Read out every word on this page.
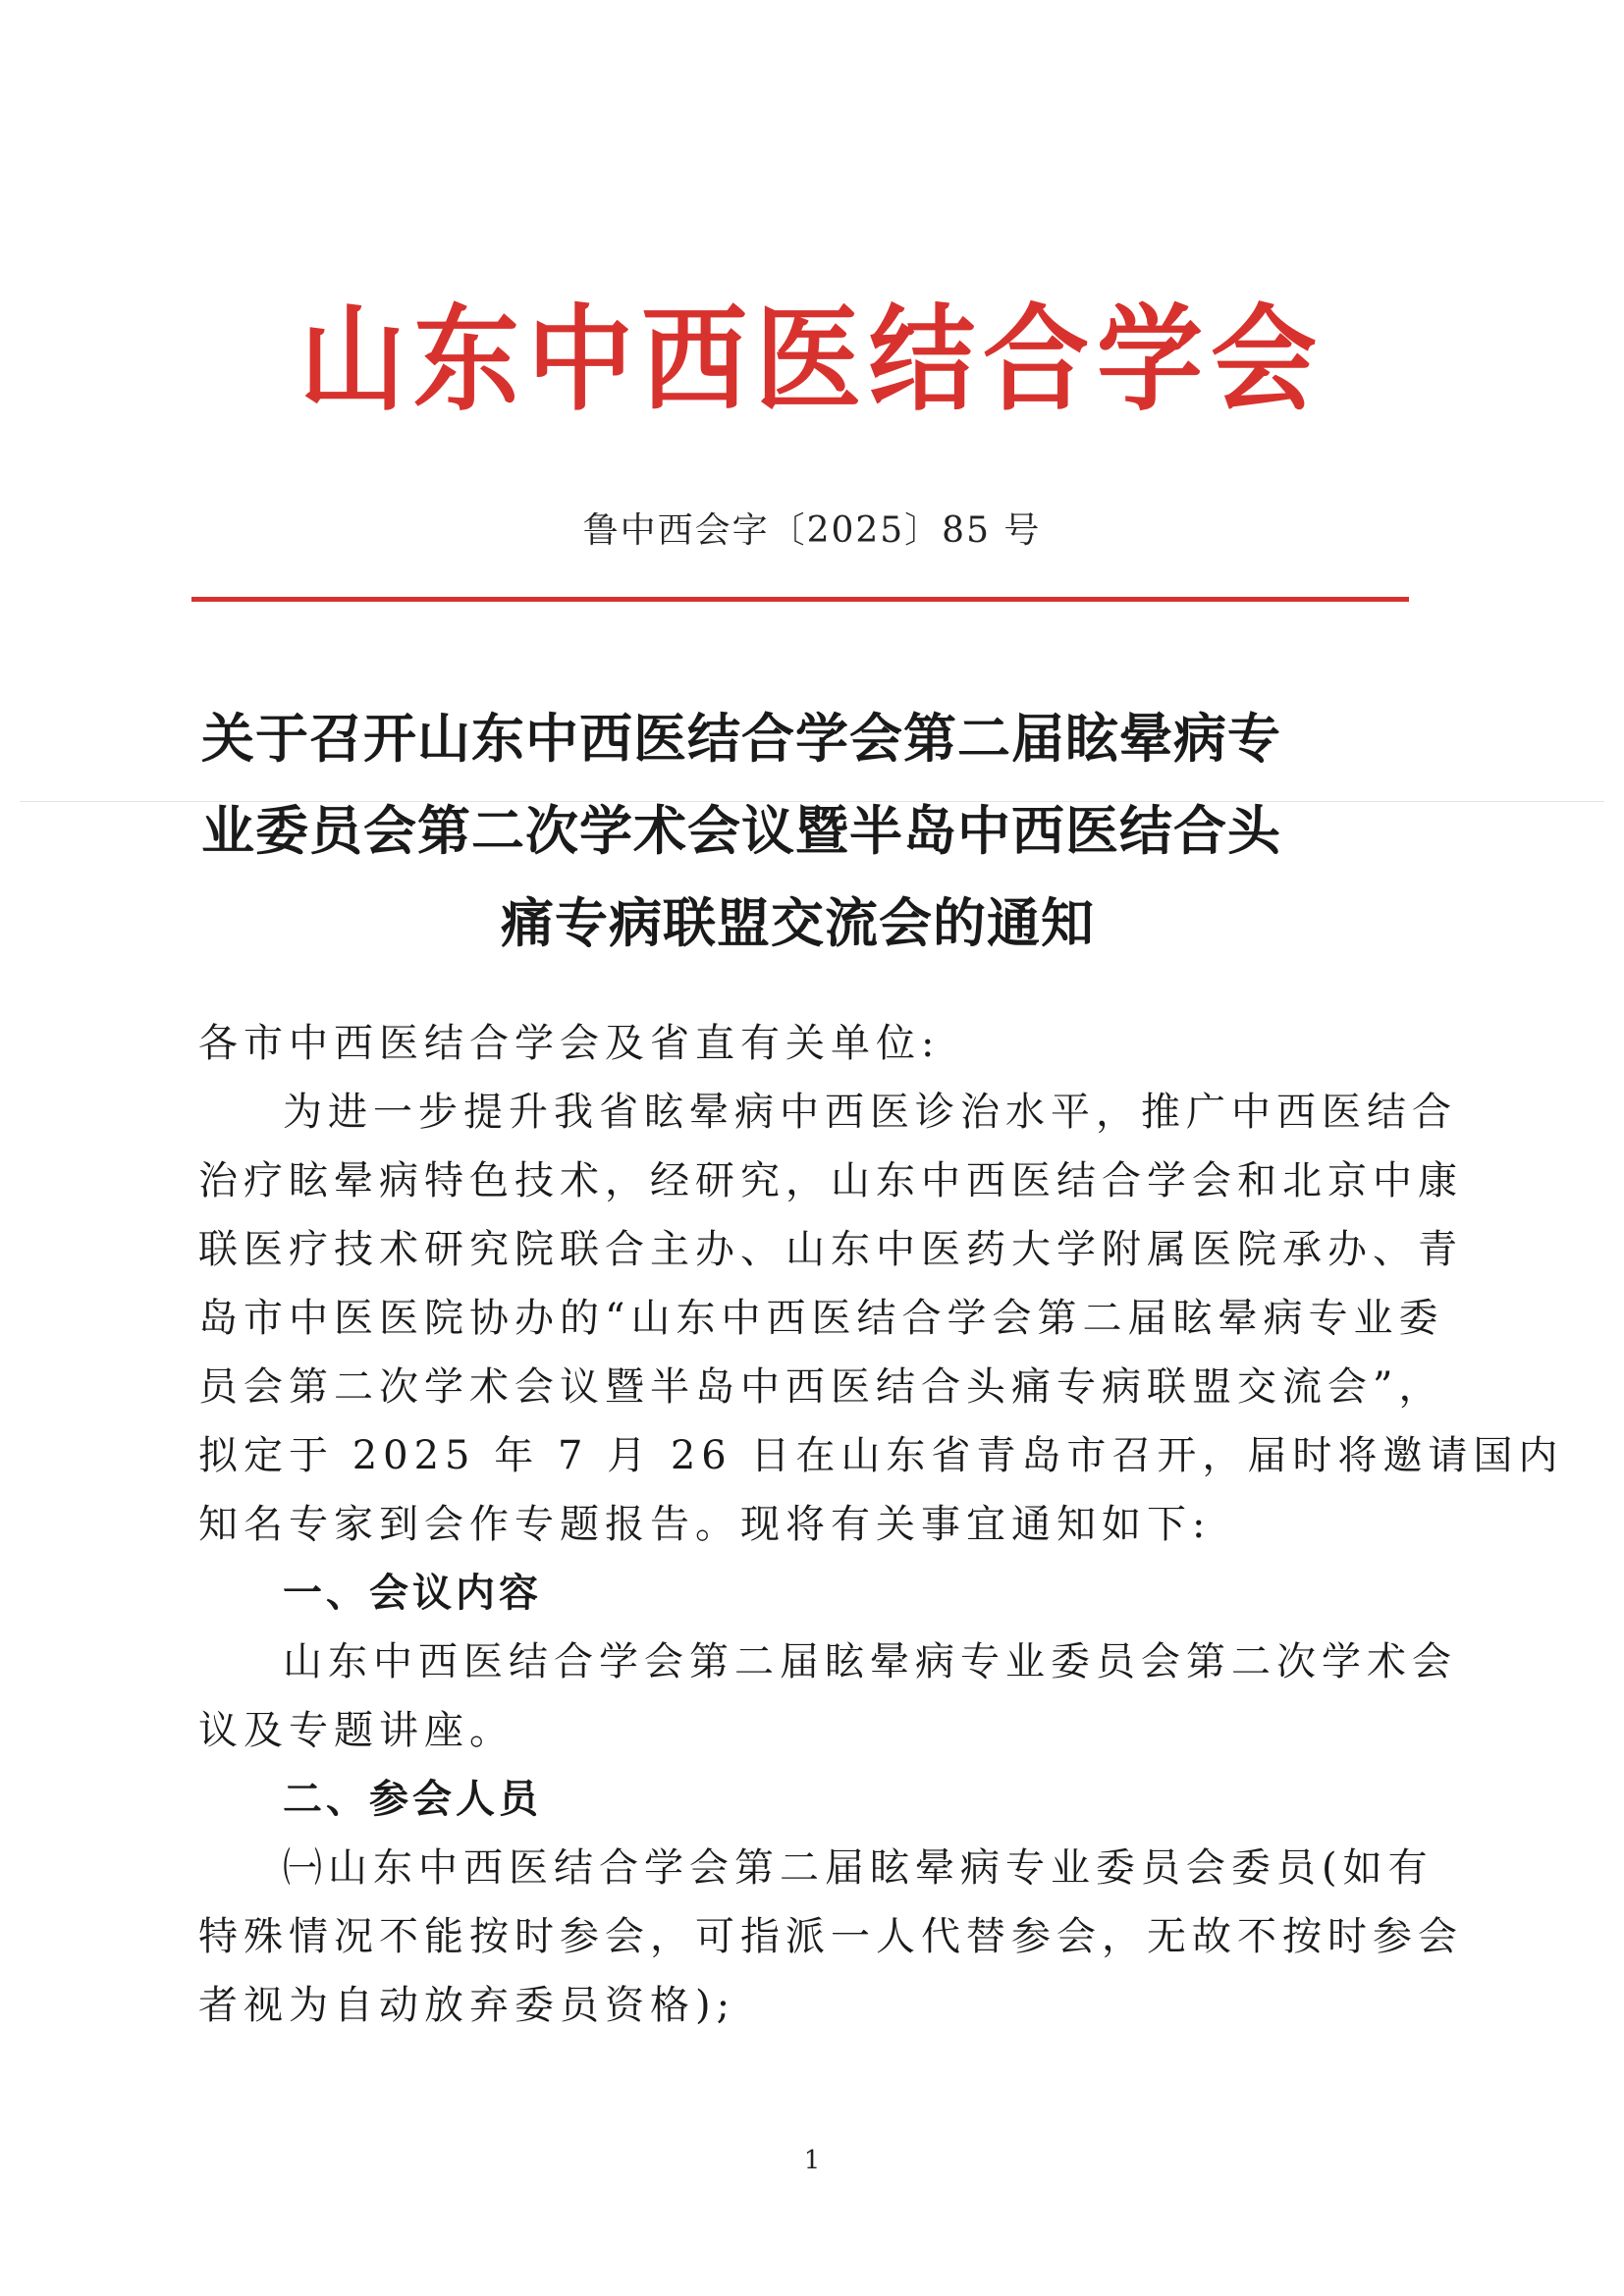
山东中西医结合学会
鲁中西会字〔2025〕85 号
关于召开山东中西医结合学会第二届眩晕病专
业委员会第二次学术会议暨半岛中西医结合头
痛专病联盟交流会的通知
各市中西医结合学会及省直有关单位:
为进一步提升我省眩晕病中西医诊治水平，推广中西医结合
治疗眩晕病特色技术，经研究，山东中西医结合学会和北京中康
联医疗技术研究院联合主办、山东中医药大学附属医院承办、青
岛市中医医院协办的“山东中西医结合学会第二届眩晕病专业委
员会第二次学术会议暨半岛中西医结合头痛专病联盟交流会”，
拟定于 2025 年 7 月 26 日在山东省青岛市召开，届时将邀请国内
知名专家到会作专题报告。现将有关事宜通知如下:
一、会议内容
山东中西医结合学会第二届眩晕病专业委员会第二次学术会
议及专题讲座。
二、参会人员
㈠山东中西医结合学会第二届眩晕病专业委员会委员(如有
特殊情况不能按时参会，可指派一人代替参会，无故不按时参会
者视为自动放弃委员资格);
1
